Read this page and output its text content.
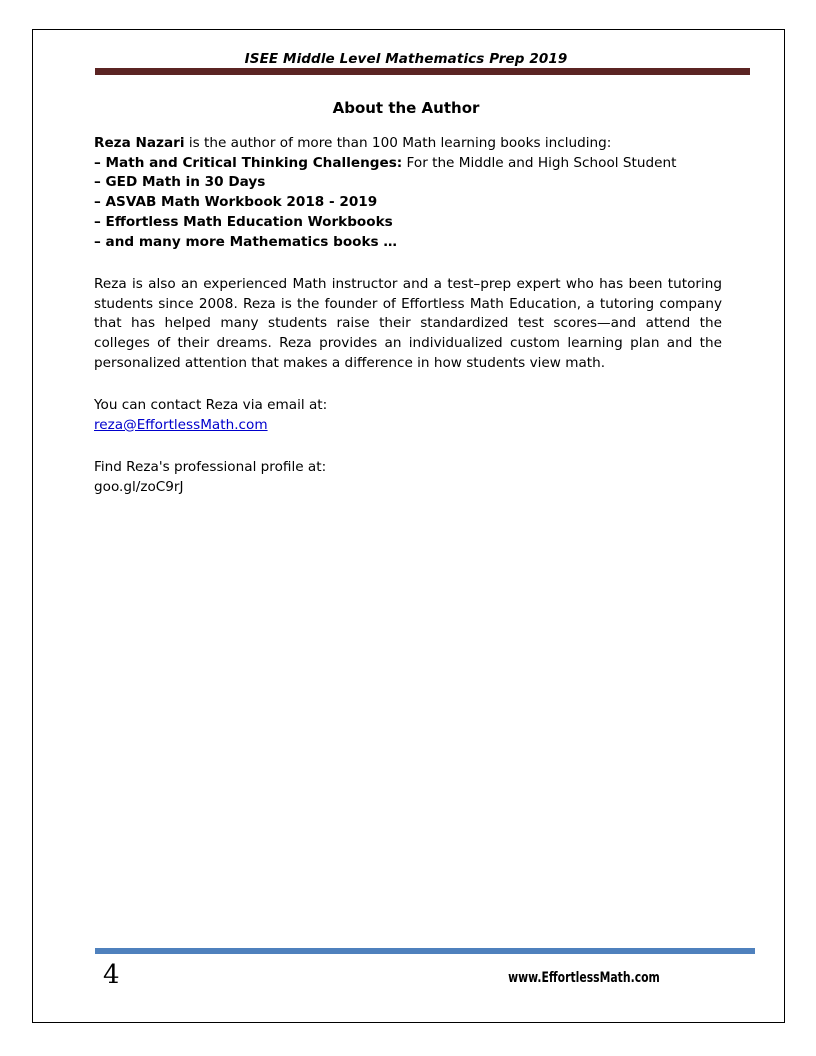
ISEE Middle Level Mathematics Prep 2019
About the Author
Reza Nazari is the author of more than 100 Math learning books including:
– Math and Critical Thinking Challenges: For the Middle and High School Student
– GED Math in 30 Days
– ASVAB Math Workbook 2018 - 2019
– Effortless Math Education Workbooks
– and many more Mathematics books …
Reza is also an experienced Math instructor and a test–prep expert who has been tutoring students since 2008. Reza is the founder of Effortless Math Education, a tutoring company that has helped many students raise their standardized test scores—and attend the colleges of their dreams. Reza provides an individualized custom learning plan and the personalized attention that makes a difference in how students view math.
You can contact Reza via email at:
reza@EffortlessMath.com
Find Reza's professional profile at:
goo.gl/zoC9rJ
4	www.EffortlessMath.com
